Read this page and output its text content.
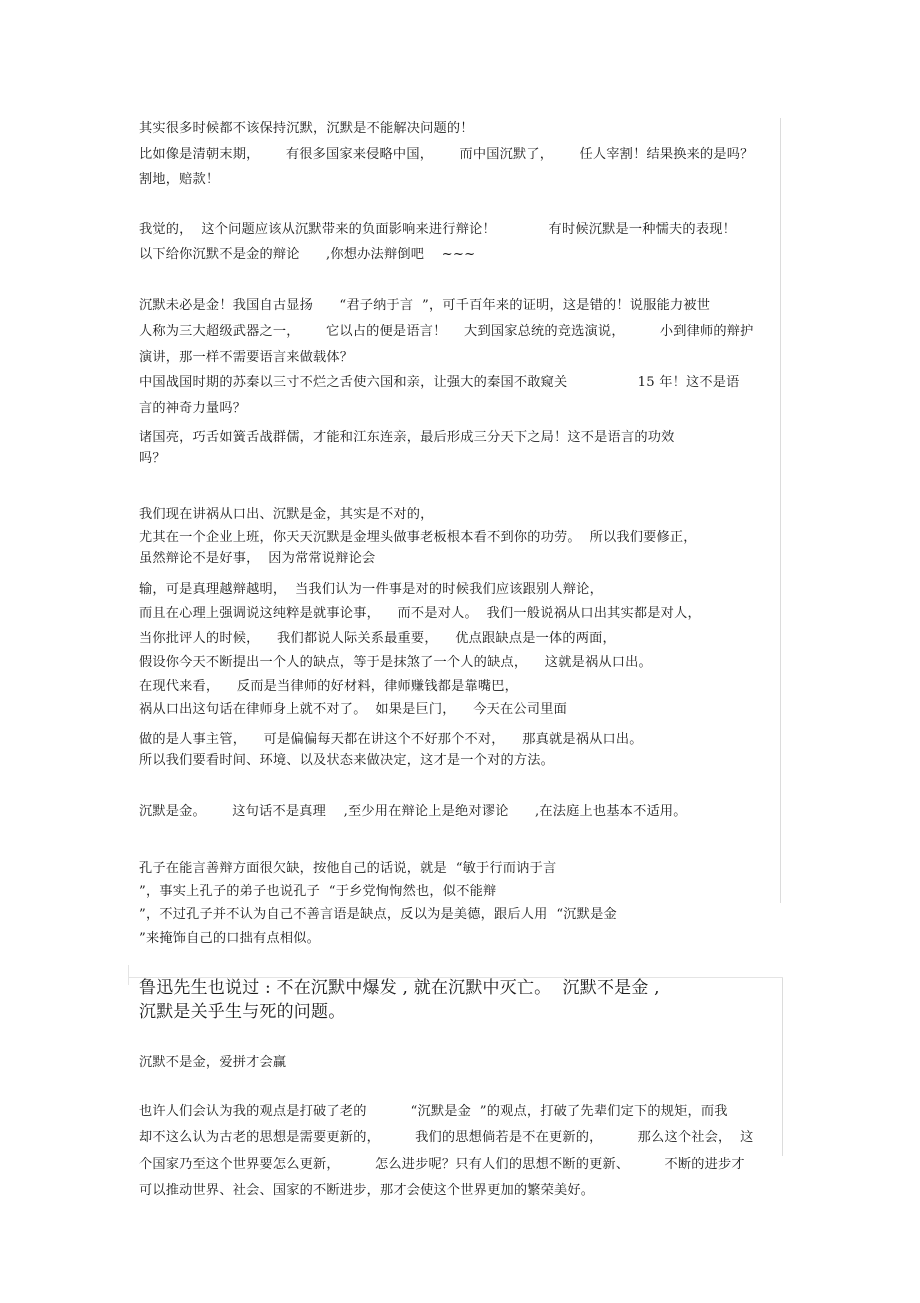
其实很多时候都不该保持沉默，沉默是不能解决问题的！
比如像是清朝末期，      有很多国家来侵略中国，      而中国沉默了，      任人宰割！结果换来的是吗？
割地，赔款！
我觉的，  这个问题应该从沉默带来的负面影响来进行辩论！            有时候沉默是一种懦夫的表现！
以下给你沉默不是金的辩论      ,你想办法辩倒吧    ~~~
沉默未必是金！我国自古显扬      “君子纳于言  ”，可千百年来的证明，这是错的！说服能力被世
人称为三大超级武器之一，      它以占的便是语言！    大到国家总统的竞选演说，        小到律师的辩护
演讲，那一样不需要语言来做载体？
中国战国时期的苏秦以三寸不烂之舌使六国和亲，让强大的秦国不敢窥关                15 年！这不是语
言的神奇力量吗？
诸国亮，巧舌如簧舌战群儒，才能和江东连亲，最后形成三分天下之局！这不是语言的功效
吗？
我们现在讲祸从口出、沉默是金，其实是不对的，
尤其在一个企业上班，你天天沉默是金埋头做事老板根本看不到你的功劳。  所以我们要修正，
虽然辩论不是好事，  因为常常说辩论会
输，可是真理越辩越明，  当我们认为一件事是对的时候我们应该跟别人辩论，
而且在心理上强调说这纯粹是就事论事，    而不是对人。  我们一般说祸从口出其实都是对人，
当你批评人的时候，    我们都说人际关系最重要，    优点跟缺点是一体的两面，
假设你今天不断提出一个人的缺点，等于是抹煞了一个人的缺点，    这就是祸从口出。
在现代来看，    反而是当律师的好材料，律师赚钱都是靠嘴巴，
祸从口出这句话在律师身上就不对了。  如果是巨门，    今天在公司里面
做的是人事主管，    可是偏偏每天都在讲这个不好那个不对，    那真就是祸从口出。
所以我们要看时间、环境、以及状态来做决定，这才是一个对的方法。
沉默是金。      这句话不是真理    ,至少用在辩论上是绝对谬论      ,在法庭上也基本不适用。
孔子在能言善辩方面很欠缺，按他自己的话说，就是  “敏于行而讷于言
”，事实上孔子的弟子也说孔子  “于乡党恂恂然也，似不能辩
”，不过孔子并不认为自己不善言语是缺点，反以为是美德，跟后人用  “沉默是金
”来掩饰自己的口拙有点相似。
鲁迅先生也说过 : 不在沉默中爆发 , 就在沉默中灭亡。  沉默不是金 ,
沉默是关乎生与死的问题。
沉默不是金，爱拼才会赢
也许人们会认为我的观点是打破了老的          “沉默是金  ”的观点，打破了先辈们定下的规矩，而我
却不这么认为古老的思想是需要更新的，        我们的思想倘若是不在更新的，        那么这个社会，  这
个国家乃至这个世界要怎么更新，        怎么进步呢？只有人们的思想不断的更新、        不断的进步才
可以推动世界、社会、国家的不断进步，那才会使这个世界更加的繁荣美好。
